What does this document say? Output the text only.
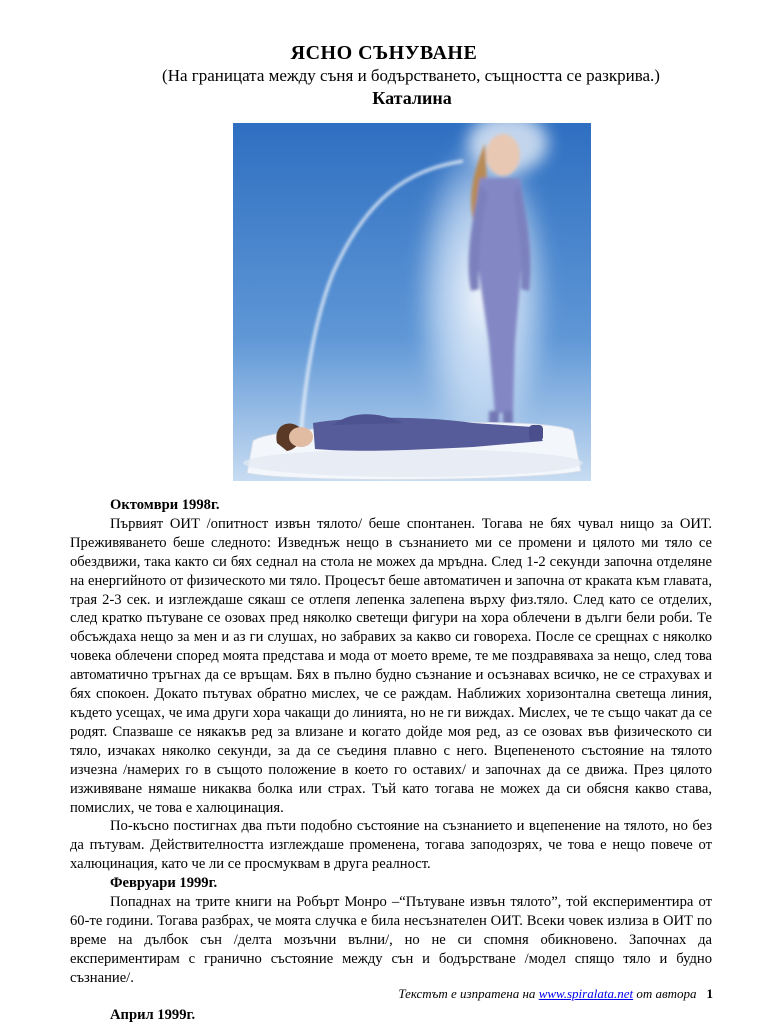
ЯСНО СЪНУВАНЕ
(На границата между съня и бодърстването, същността се разкрива.)
Каталина
Октомври 1998г.

Първият ОИТ /опитност извън тялото/ беше спонтанен. Тогава не бях чувал нищо за ОИТ. Преживяването беше следното: Изведнъж нещо в съзнанието ми се промени и цялото ми тяло се обездвижи, така както си бях седнал на стола не можех да мръдна. След 1-2 секунди започна отделяне на енергийното от физическото ми тяло. Процесът беше автоматичен и започна от краката към главата, трая 2-3 сек. и изглеждаше сякаш се отлепя лепенка залепена върху физ.тяло. След като се отделих, след кратко пътуване се озовах пред няколко светещи фигури на хора облечени в дълги бели роби. Те обсъждаха нещо за мен и аз ги слушах, но забравих за какво си говореха. После се срещнах с няколко човека облечени според моята представа и мода от моето време, те ме поздравяваха за нещо, след това автоматично тръгнах да се връщам. Бях в пълно будно съзнание и осъзнавах всичко, не се страхувах и бях спокоен. Докато пътувах обратно мислех, че се раждам. Наближих хоризонтална светеща линия, където усещах, че има други хора чакащи до линията, но не ги виждах. Мислех, че те също чакат да се родят. Спазваше се някакъв ред за влизане и когато дойде моя ред, аз се озовах във физическото си тяло, изчаках няколко секунди, за да се съединя плавно с него. Вцепененото състояние на тялото изчезна /намерих го в същото положение в което го оставих/ и започнах да се движа. През цялото изживяване нямаше никаква болка или страх. Тъй като тогава не можех да си обясня какво става, помислих, че това е халюцинация.

По-късно постигнах два пъти подобно състояние на съзнанието и вцепенение на тялото, но без да пътувам. Действителността изглеждаше променена, тогава заподозрях, че това е нещо повече от халюцинация, като че ли се просмуквам в друга реалност.

Февруари 1999г.

Попаднах на трите книги на Робърт Монро –“Пътуване извън тялото”, той експериментира от 60-те години. Тогава разбрах, че моята случка е била несъзнателен ОИТ. Всеки човек излиза в ОИТ по време на дълбок сън /делта мозъчни вълни/, но не си спомня обикновено. Започнах да експериментирам с гранично състояние между сън и бодърстване /модел спящо тяло и будно съзнание/.

Април 1999г.
Текстът е изпратена на www.spiralata.net от автора 1
